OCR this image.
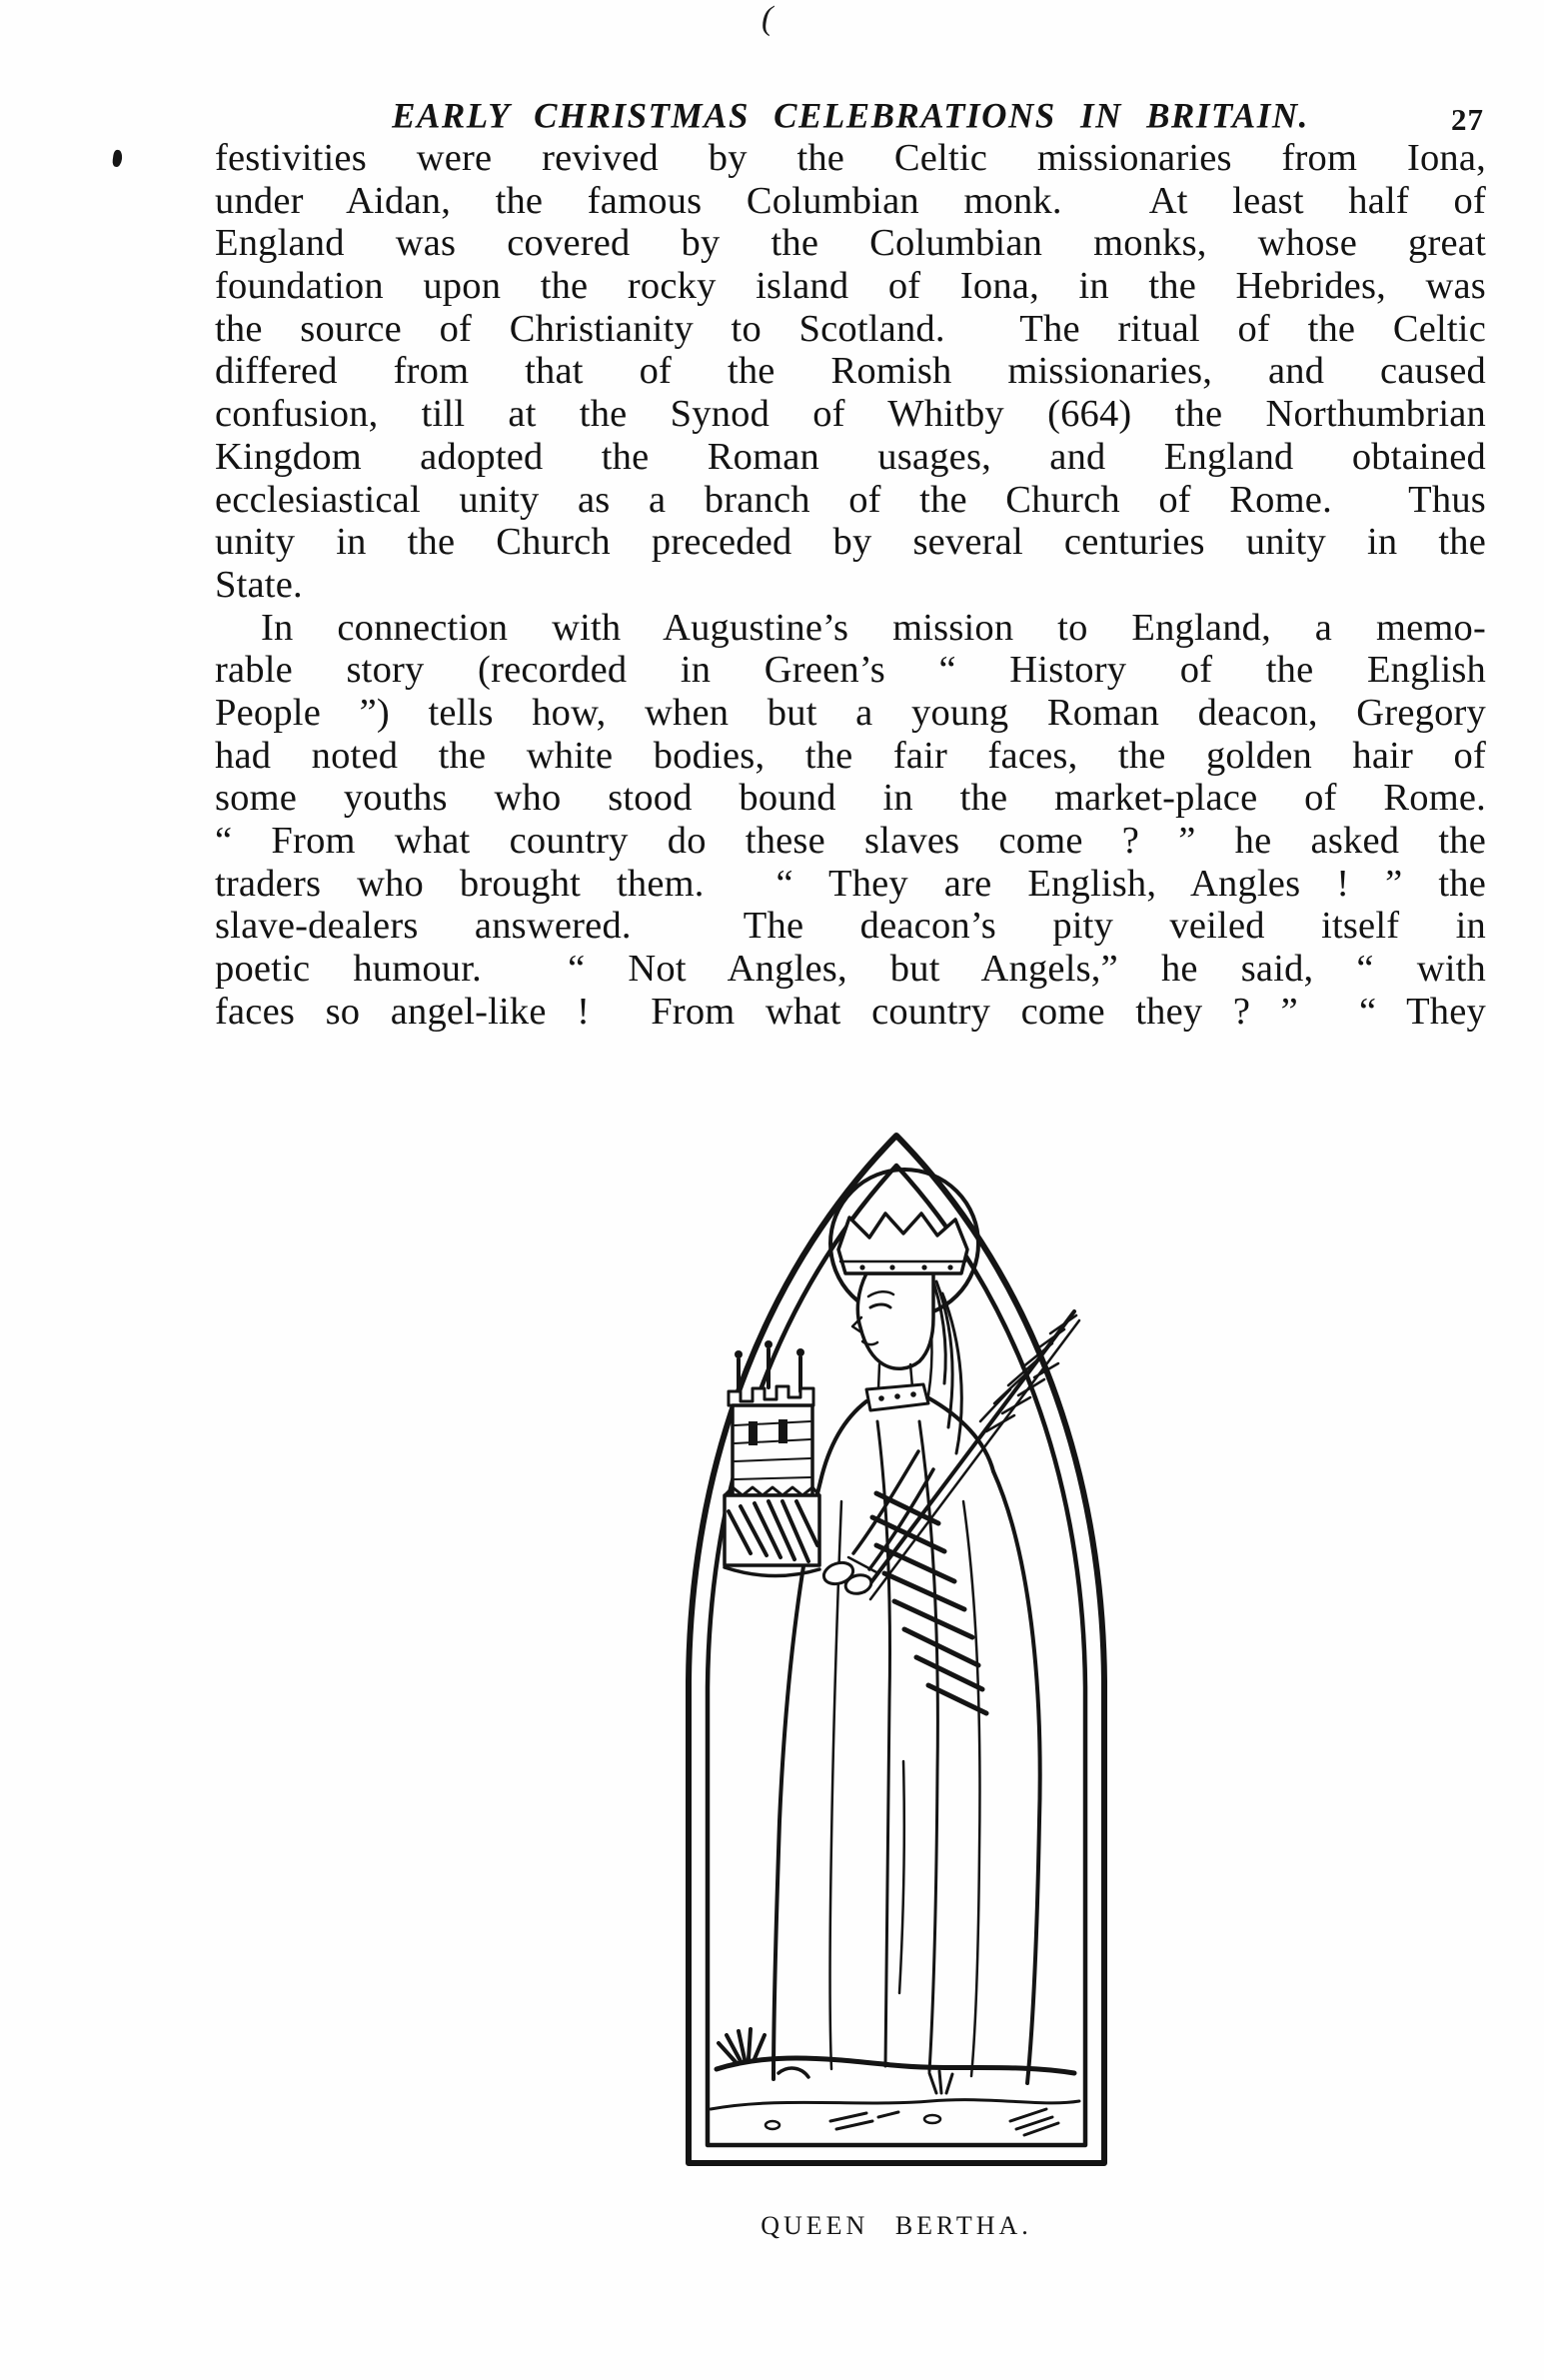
(
EARLY CHRISTMAS CELEBRATIONS IN BRITAIN.	27
festivities were revived by the Celtic missionaries from Iona,
under Aidan, the famous Columbian monk.  At least half of
England was covered by the Columbian monks, whose great
foundation upon the rocky island of Iona, in the Hebrides, was
the source of Christianity to Scotland.  The ritual of the Celtic
differed from that of the Romish missionaries, and caused
confusion, till at the Synod of Whitby (664) the Northumbrian
Kingdom adopted the Roman usages, and England obtained
ecclesiastical unity as a branch of the Church of Rome.  Thus
unity in the Church preceded by several centuries unity in the
State.
In connection with Augustine’s mission to England, a memo-
rable story (recorded in Green’s “ History of the English
People ”) tells how, when but a young Roman deacon, Gregory
had noted the white bodies, the fair faces, the golden hair of
some youths who stood bound in the market-place of Rome.
“ From what country do these slaves come ? ” he asked the
traders who brought them.  “ They are English, Angles ! ” the
slave-dealers answered.  The deacon’s pity veiled itself in
poetic humour.  “ Not Angles, but Angels,” he said, “ with
faces so angel-like !  From what country come they ? ”  “ They
QUEEN BERTHA.
